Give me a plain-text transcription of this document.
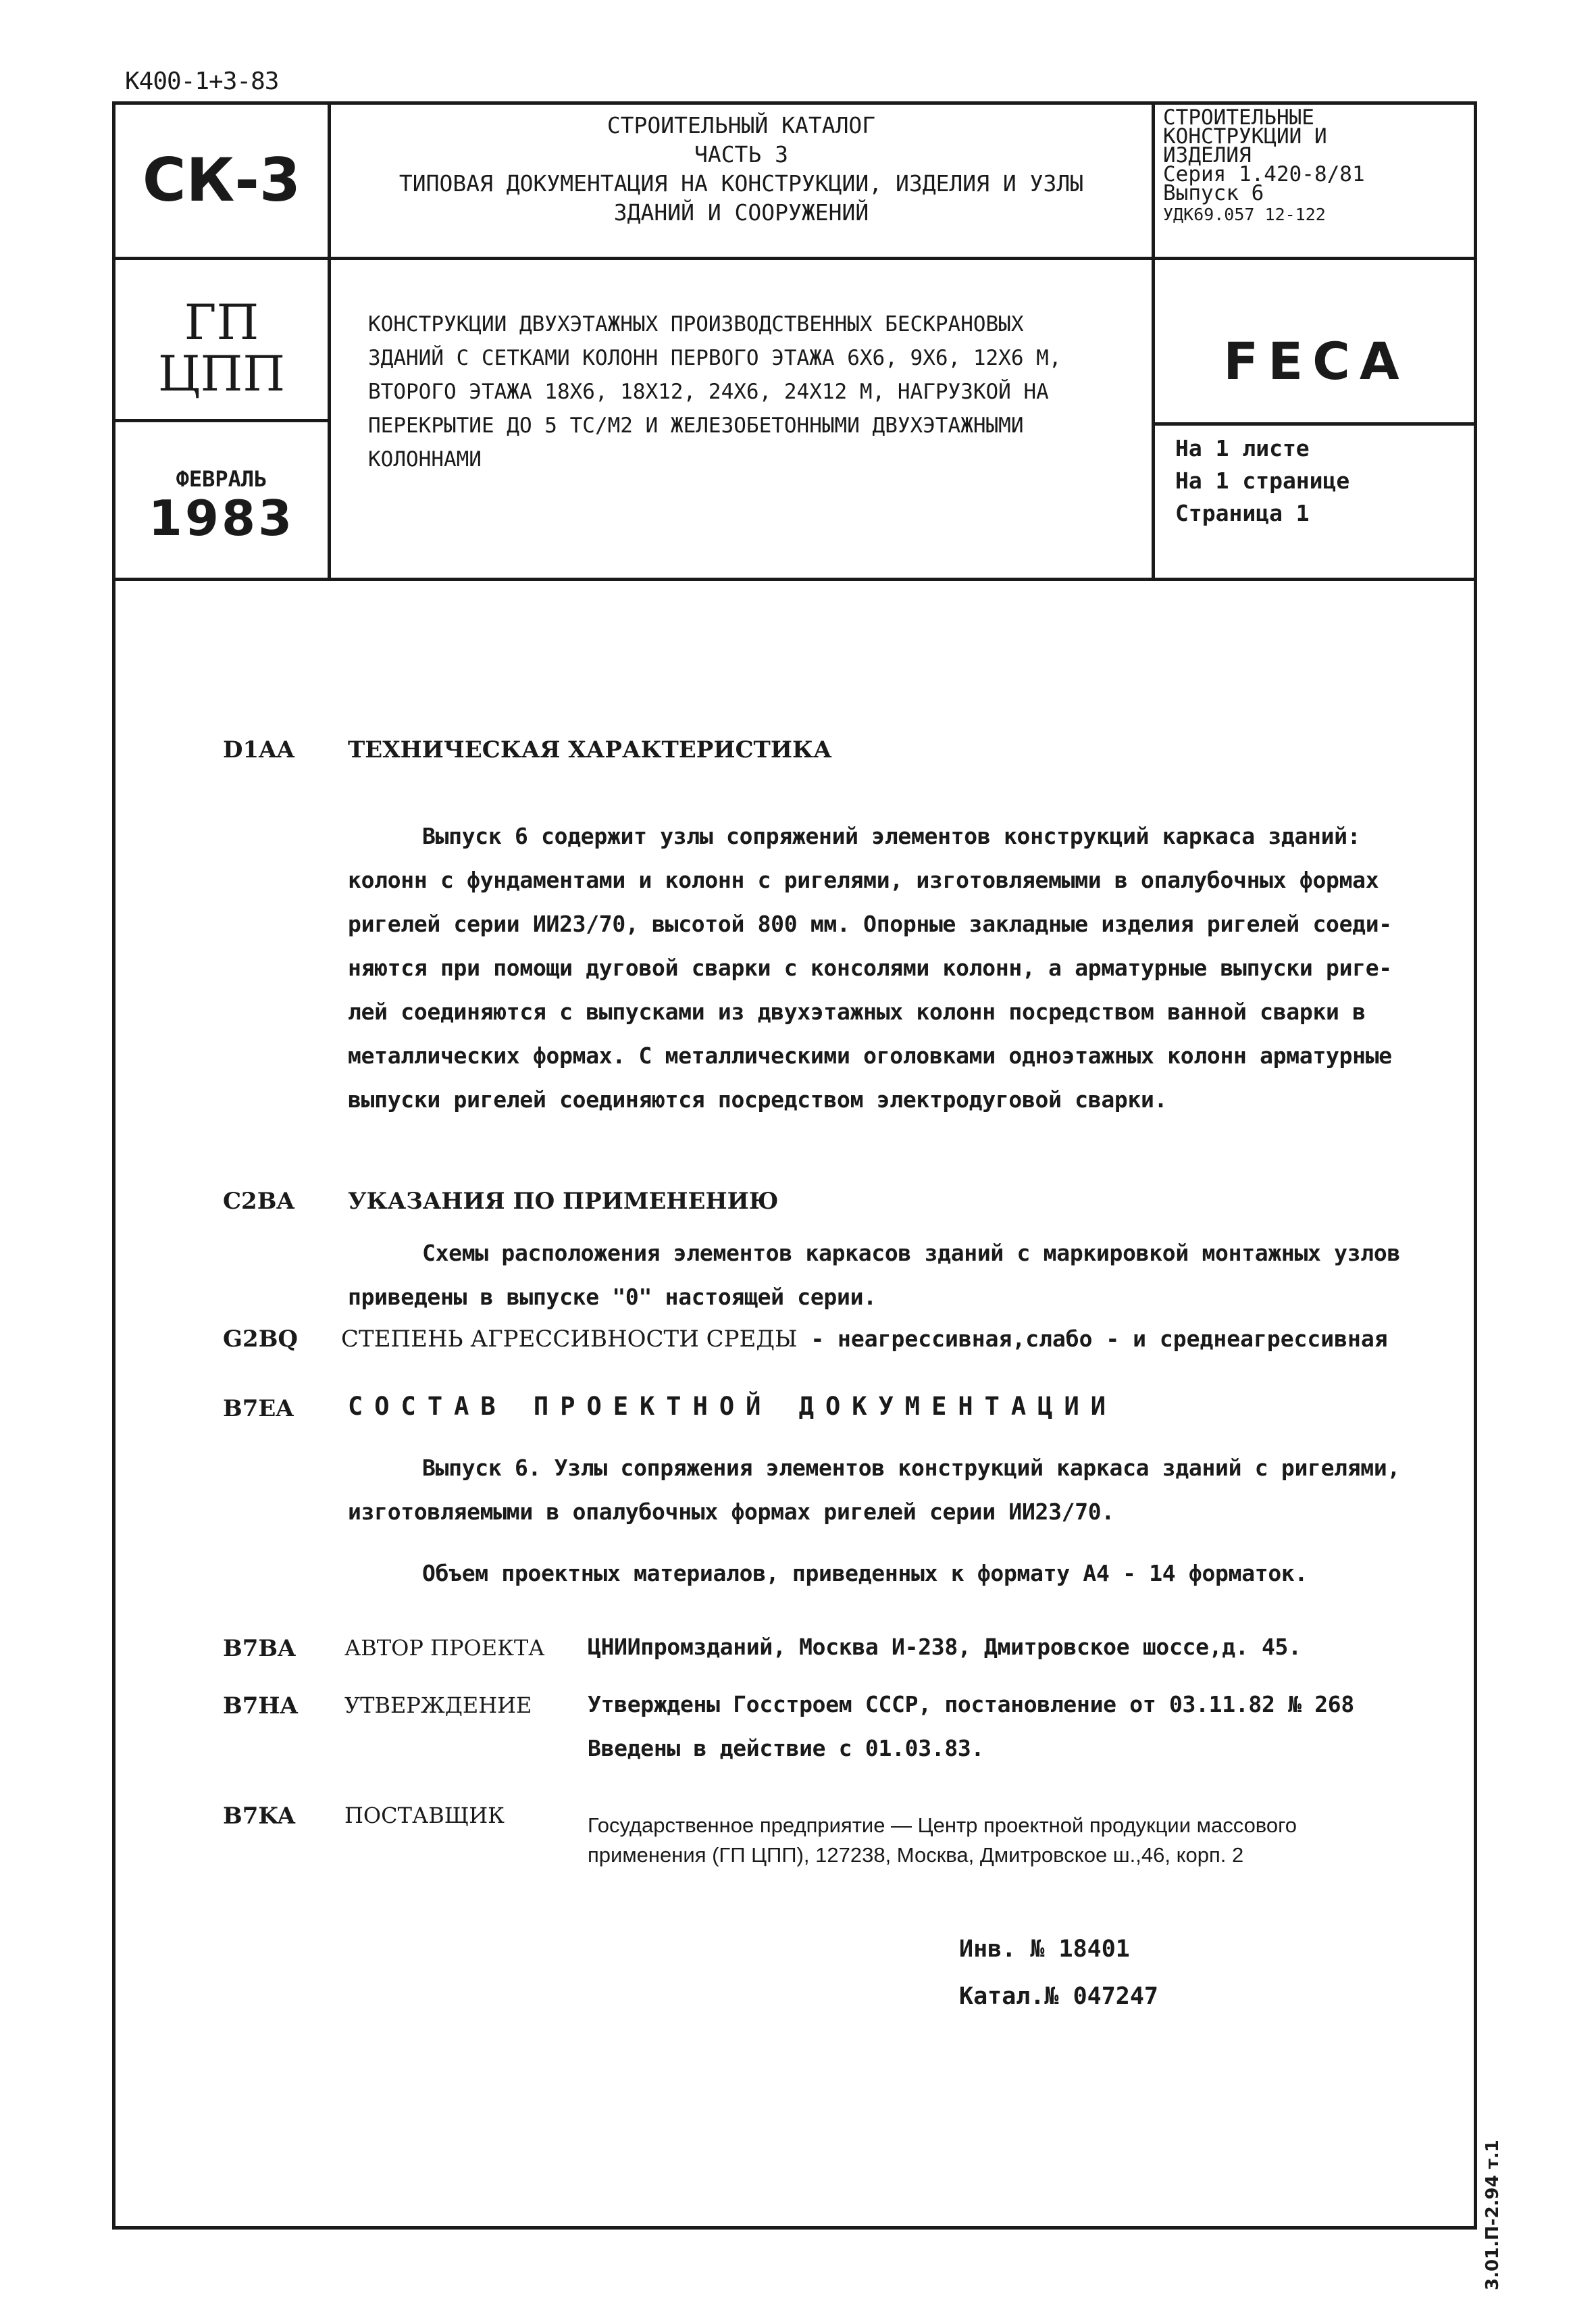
К400-1+3-83
СК-3
СТРОИТЕЛЬНЫЙ КАТАЛОГ
ЧАСТЬ 3
ТИПОВАЯ ДОКУМЕНТАЦИЯ НА КОНСТРУКЦИИ, ИЗДЕЛИЯ И УЗЛЫ
ЗДАНИЙ И СООРУЖЕНИЙ
СТРОИТЕЛЬНЫЕ
КОНСТРУКЦИИ И
ИЗДЕЛИЯ
Серия 1.420-8/81
Выпуск 6
УДК69.057 12-122
ГП
ЦПП
КОНСТРУКЦИИ ДВУХЭТАЖНЫХ ПРОИЗВОДСТВЕННЫХ БЕСКРАНОВЫХ
ЗДАНИЙ С СЕТКАМИ КОЛОНН ПЕРВОГО ЭТАЖА 6Х6, 9Х6, 12Х6 М,
ВТОРОГО ЭТАЖА 18Х6, 18Х12, 24Х6, 24Х12 М, НАГРУЗКОЙ НА
ПЕРЕКРЫТИЕ ДО 5 ТС/М2 И ЖЕЛЕЗОБЕТОННЫМИ ДВУХЭТАЖНЫМИ
КОЛОННАМИ
FECA
ФЕВРАЛЬ
1983
На 1 листе
На 1 странице
Страница 1
D1AA ТЕХНИЧЕСКАЯ ХАРАКТЕРИСТИКА
Выпуск 6 содержит узлы сопряжений элементов конструкций каркаса зданий:
колонн с фундаментами и колонн с ригелями, изготовляемыми в опалубочных формах
ригелей серии ИИ23/70, высотой 800 мм. Опорные закладные изделия ригелей соеди-
няются при помощи дуговой сварки с консолями колонн, а арматурные выпуски риге-
лей соединяются с выпусками из двухэтажных колонн посредством ванной сварки в
металлических формах. С металлическими оголовками одноэтажных колонн арматурные
выпуски ригелей соединяются посредством электродуговой сварки.
C2BA УКАЗАНИЯ ПО ПРИМЕНЕНИЮ
Схемы расположения элементов каркасов зданий с маркировкой монтажных узлов
приведены в выпуске "0" настоящей серии.
G2BQ СТЕПЕНЬ АГРЕССИВНОСТИ СРЕДЫ - неагрессивная,слабо - и среднеагрессивная
B7EA СОСТАВ ПРОЕКТНОЙ ДОКУМЕНТАЦИИ
Выпуск 6. Узлы сопряжения элементов конструкций каркаса зданий с ригелями,
изготовляемыми в опалубочных формах ригелей серии ИИ23/70.
Объем проектных материалов, приведенных к формату А4 - 14 форматок.
B7BA АВТОР ПРОЕКТА ЦНИИпромзданий, Москва И-238, Дмитровское шоссе,д. 45.
B7HA УТВЕРЖДЕНИЕ	Утверждены Госстроем СССР, постановление от 03.11.82 № 268
Введены в действие с 01.03.83.
B7KA ПОСТАВЩИК	Государственное предприятие — Центр проектной продукции массового
применения (ГП ЦПП), 127238, Москва, Дмитровское ш.,46, корп. 2
Инв. № 18401
Катал.№ 047247
3.01.П-2.94 т.1
